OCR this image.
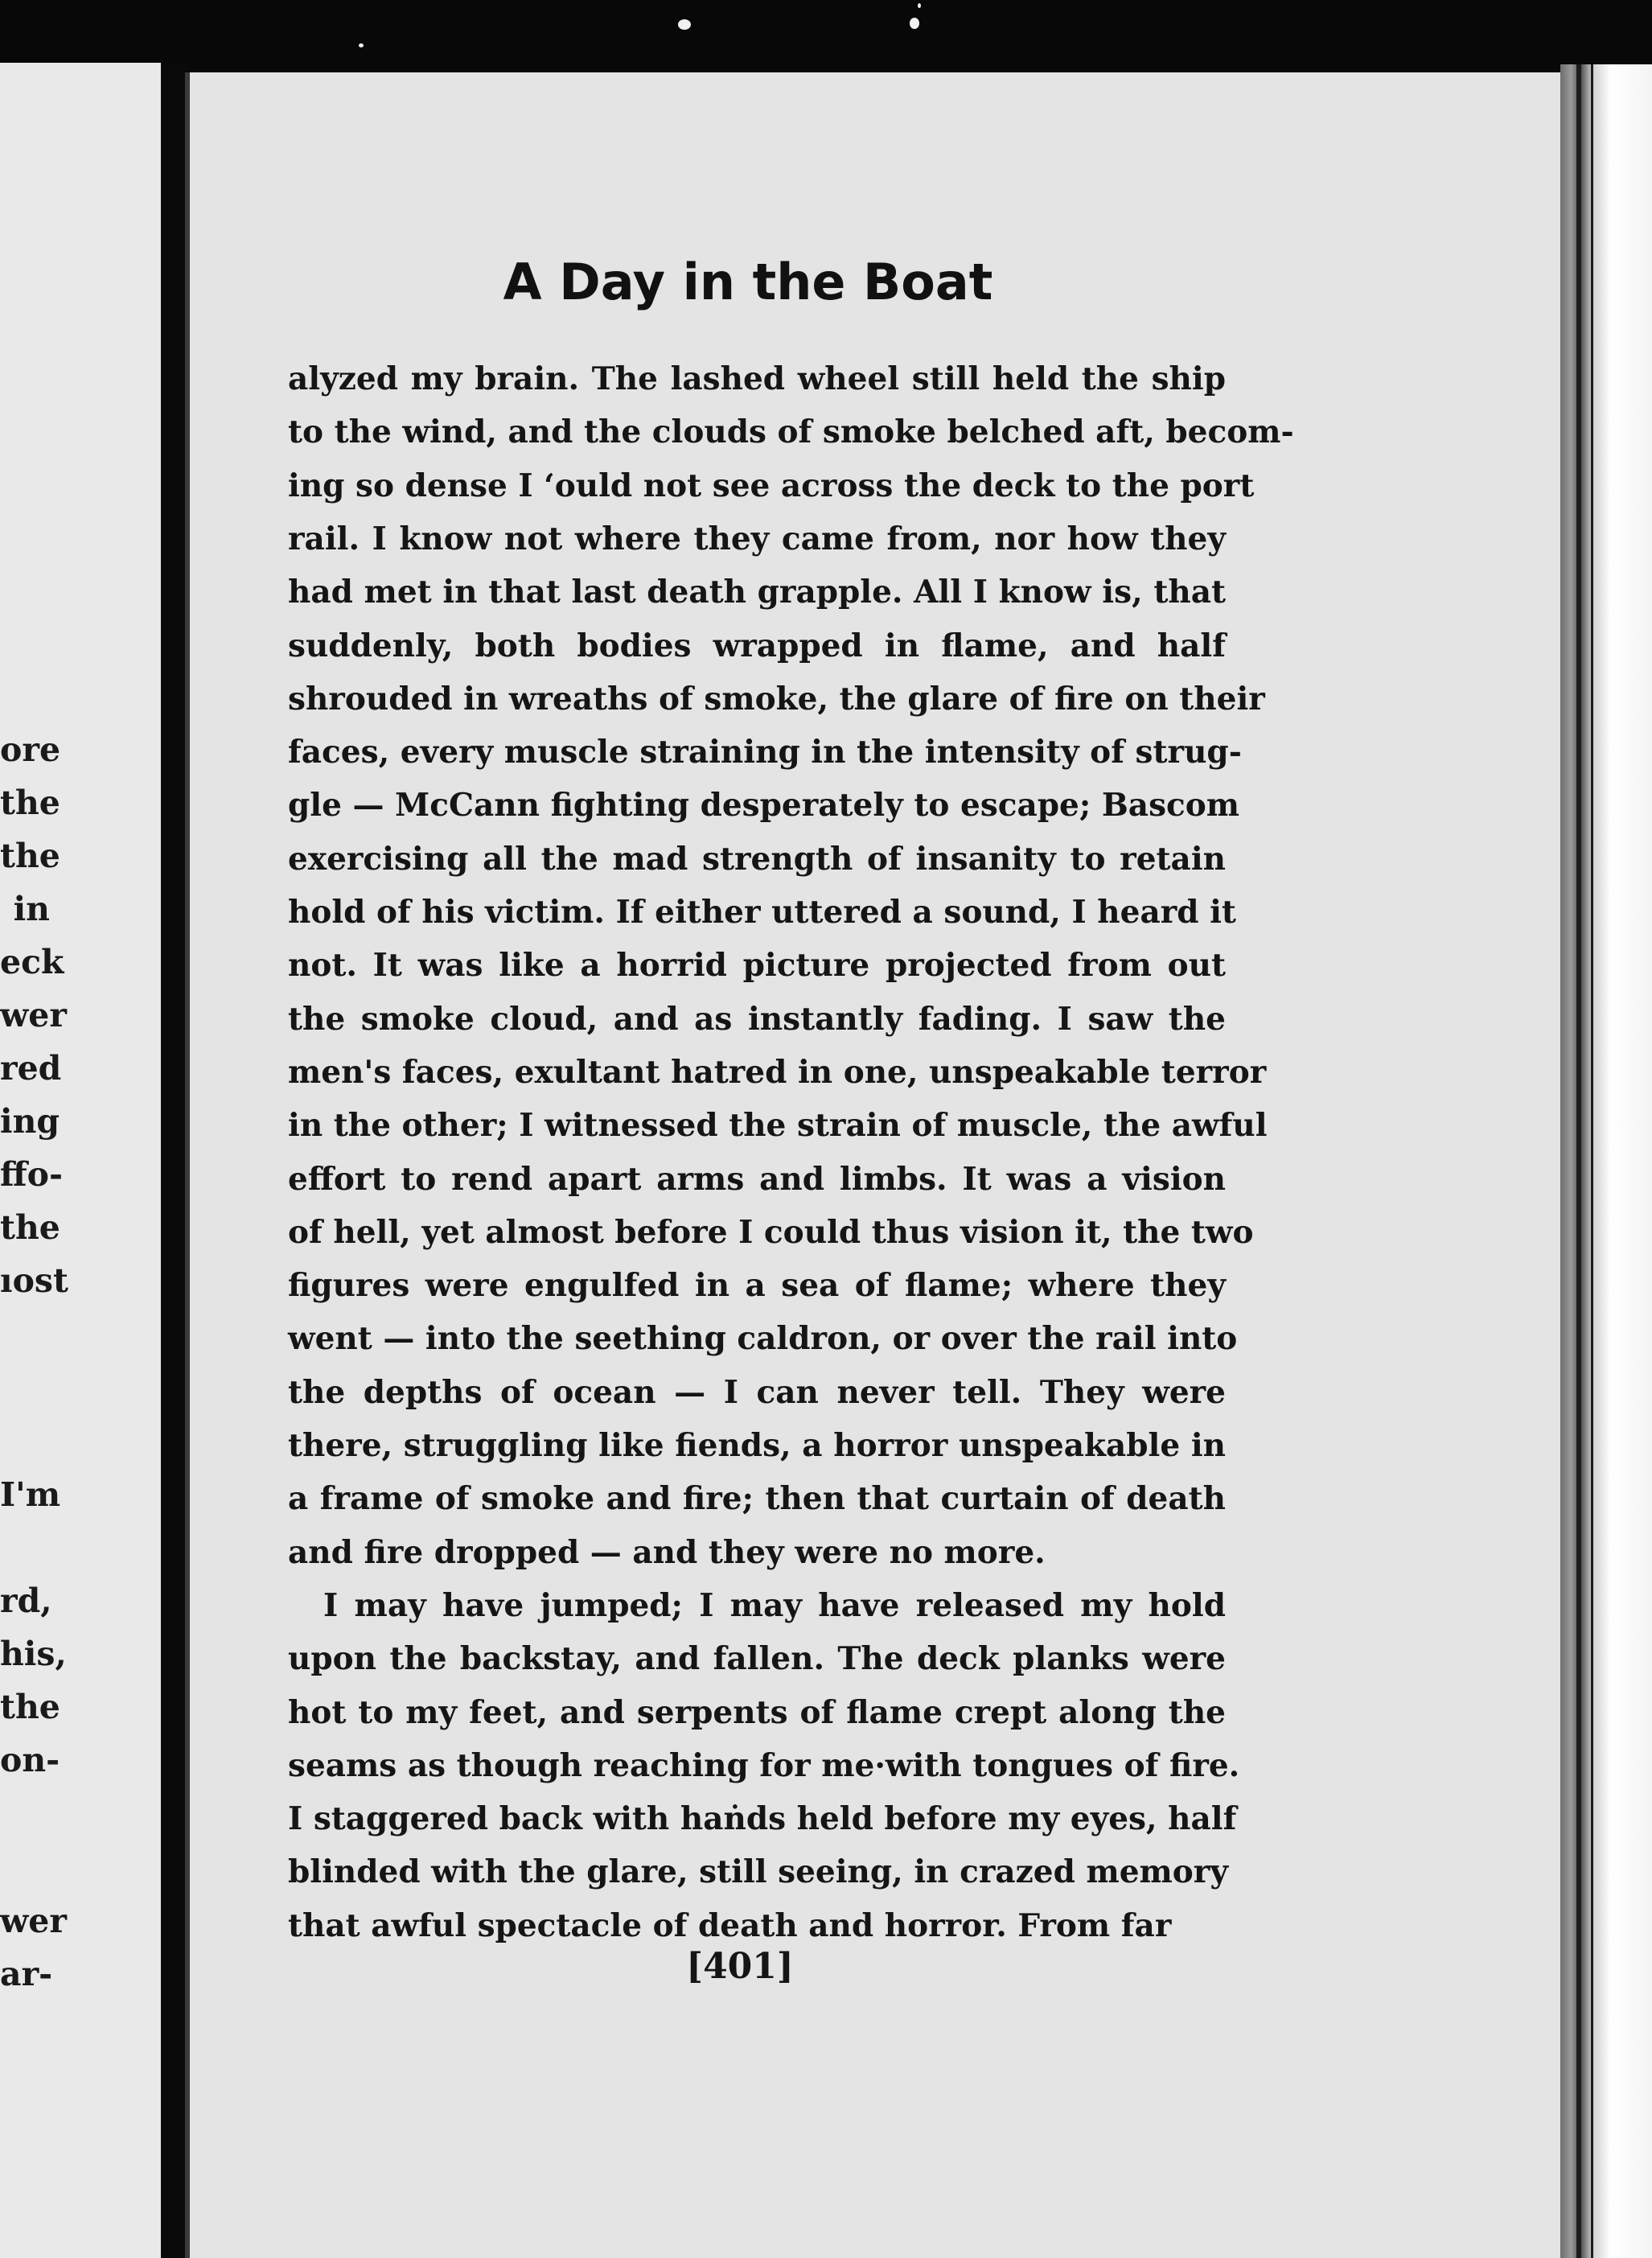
ore
the
the
in
eck
wer
red
ing
ffo-
the
ıost
I'm
rd,
his,
the
on-
wer
ar-
A Day in the Boat
alyzed my brain. The lashed wheel still held the ship
to the wind, and the clouds of smoke belched aft, becom-
ing so dense I ʻould not see across the deck to the port
rail. I know not where they came from, nor how they
had met in that last death grapple. All I know is, that
suddenly, both bodies wrapped in flame, and half
shrouded in wreaths of smoke, the glare of fire on their
faces, every muscle straining in the intensity of strug-
gle — McCann fighting desperately to escape; Bascom
exercising all the mad strength of insanity to retain
hold of his victim. If either uttered a sound, I heard it
not. It was like a horrid picture projected from out
the smoke cloud, and as instantly fading. I saw the
men's faces, exultant hatred in one, unspeakable terror
in the other; I witnessed the strain of muscle, the awful
effort to rend apart arms and limbs. It was a vision
of hell, yet almost before I could thus vision it, the two
figures were engulfed in a sea of flame; where they
went — into the seething caldron, or over the rail into
the depths of ocean — I can never tell. They were
there, struggling like fiends, a horror unspeakable in
a frame of smoke and fire; then that curtain of death
and fire dropped — and they were no more.
I may have jumped; I may have released my hold
upon the backstay, and fallen. The deck planks were
hot to my feet, and serpents of flame crept along the
seams as though reaching for me·with tongues of fire.
I staggered back with haṅds held before my eyes, half
blinded with the glare, still seeing, in crazed memory
that awful spectacle of death and horror. From far
[401]
